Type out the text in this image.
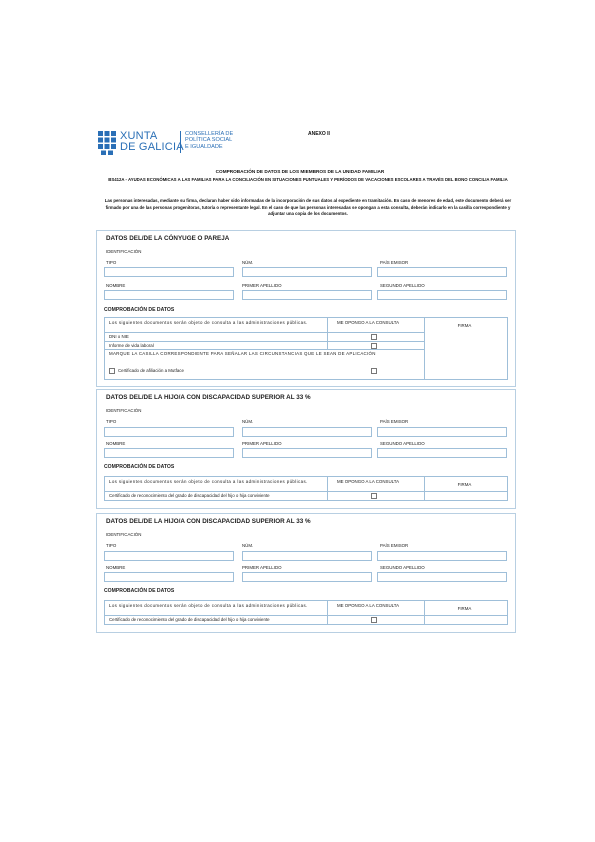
XUNTA
DE GALICIA
CONSELLERÍA DE
POLÍTICA SOCIAL
E IGUALDADE
ANEXO II
COMPROBACIÓN DE DATOS DE LOS MIEMBROS DE LA UNIDAD FAMILIAR
BS412A - AYUDAS ECONÓMICAS A LAS FAMILIAS PARA LA CONCILIACIÓN EN SITUACIONES PUNTUALES Y PERÍODOS DE VACACIONES ESCOLARES A TRAVÉS DEL BONO CONCILIA FAMILIA
Las personas interesadas, mediante su firma, declaran haber sido informadas de la incorporación de sus datos al expediente en tramitación. En caso de menores de edad, este documento deberá ser firmado por una de las personas progenitoras, tutoría o representante legal. En el caso de que las personas interesadas se opongan a esta consulta, deberán indicarlo en la casilla correspondiente y adjuntar una copia de los documentos.
DATOS DEL/DE LA CÓNYUGE O PAREJA
IDENTIFICACIÓN
TIPO	NÚM.	PAÍS EMISOR
NOMBRE	PRIMER APELLIDO	SEGUNDO APELLIDO
COMPROBACIÓN DE DATOS
Los siguientes documentos serán objeto de consulta a las administraciones públicas.	ME OPONGO A LA CONSULTA
FIRMA
DNI o NIE
Informe de vida laboral
MARQUE LA CASILLA CORRESPONDIENTE PARA SEÑALAR LAS CIRCUNSTANCIAS QUE LE SEAN DE APLICACIÓN
Certificado de afiliación a Mutface
DATOS DEL/DE LA HIJO/A CON DISCAPACIDAD SUPERIOR AL 33 %
IDENTIFICACIÓN
TIPO	NÚM.	PAÍS EMISOR
NOMBRE	PRIMER APELLIDO	SEGUNDO APELLIDO
COMPROBACIÓN DE DATOS
Los siguientes documentos serán objeto de consulta a las administraciones públicas.	ME OPONGO A LA CONSULTA
FIRMA
Certificado de reconocimiento del grado de discapacidad del hijo o hija conviviente
DATOS DEL/DE LA HIJO/A CON DISCAPACIDAD SUPERIOR AL 33 %
IDENTIFICACIÓN
TIPO	NÚM.	PAÍS EMISOR
NOMBRE	PRIMER APELLIDO	SEGUNDO APELLIDO
COMPROBACIÓN DE DATOS
Los siguientes documentos serán objeto de consulta a las administraciones públicas.	ME OPONGO A LA CONSULTA
FIRMA
Certificado de reconocimiento del grado de discapacidad del hijo o hija conviviente
